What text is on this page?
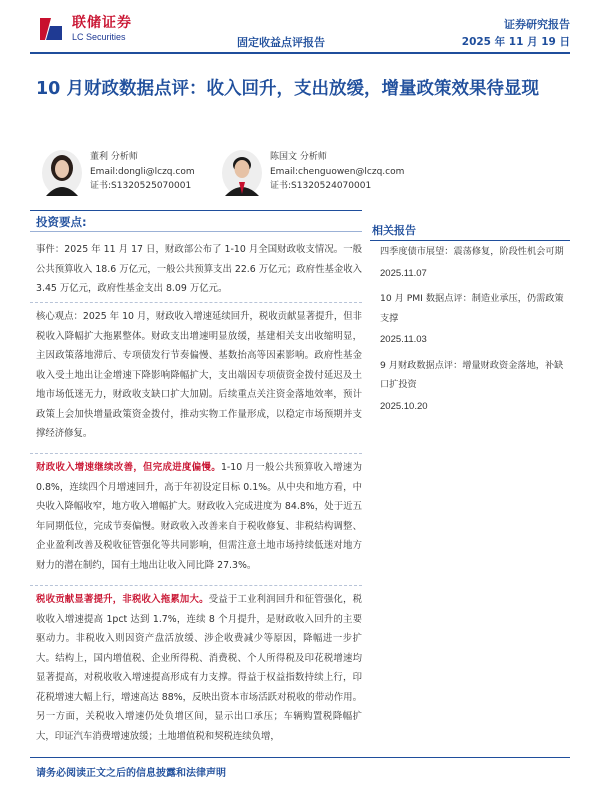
联储证券
LC Securities	固定收益点评报告
证券研究报告
2025 年 11 月 19 日
10 月财政数据点评：收入回升，支出放缓，增量政策效果待显现
董利 分析师
Email:dongli@lczq.com
证书:S1320525070001
陈国文 分析师
Email:chenguowen@lczq.com
证书:S1320524070001
投资要点:

事件：2025 年 11 月 17 日，财政部公布了 1-10 月全国财政收支情况。一般公共预算收入 18.6 万亿元，一般公共预算支出 22.6 万亿元；政府性基金收入 3.45 万亿元，政府性基金支出 8.09 万亿元。

核心观点：2025 年 10 月，财政收入增速延续回升，税收贡献显著提升，但非税收入降幅扩大拖累整体。财政支出增速明显放缓，基建相关支出收缩明显，主因政策落地滞后、专项债发行节奏偏慢、基数抬高等因素影响。政府性基金收入受土地出让金增速下降影响降幅扩大，支出端因专项债资金拨付延迟及土地市场低迷无力，财政收支缺口扩大加剧。后续重点关注资金落地效率，预计政策上会加快增量政策资金拨付，推动实物工作量形成，以稳定市场预期并支撑经济修复。

财政收入增速继续改善，但完成进度偏慢。1-10 月一般公共预算收入增速为 0.8%，连续四个月增速回升，高于年初设定目标 0.1%。从中央和地方看，中央收入降幅收窄，地方收入增幅扩大。财政收入完成进度为 84.8%，处于近五年同期低位，完成节奏偏慢。财政收入改善来自于税收修复、非税结构调整、企业盈利改善及税收征管强化等共同影响，但需注意土地市场持续低迷对地方财力的潜在制约，国有土地出让收入同比降 27.3%。

税收贡献显著提升，非税收入拖累加大。受益于工业利润回升和征管强化，税收收入增速提高 1pct 达到 1.7%，连续 8 个月提升，是财政收入回升的主要驱动力。非税收入则因资产盘活放缓、涉企收费减少等原因，降幅进一步扩大。结构上，国内增值税、企业所得税、消费税、个人所得税及印花税增速均显著提高，对税收收入增速提高形成有力支撑。得益于权益指数持续上行，印花税增速大幅上行，增速高达 88%，反映出资本市场活跃对税收的带动作用。另一方面，关税收入增速仍处负增区间，显示出口承压；车辆购置税降幅扩大，印证汽车消费增速放缓；土地增值税和契税连续负增，

相关报告
四季度债市展望：震荡修复，阶段性机会可期
2025.11.07
10 月 PMI 数据点评：制造业承压，仍需政策支撑
2025.11.03
9 月财政数据点评：增量财政资金落地，补缺口扩投资
2025.10.20
请务必阅读正文之后的信息披露和法律声明
